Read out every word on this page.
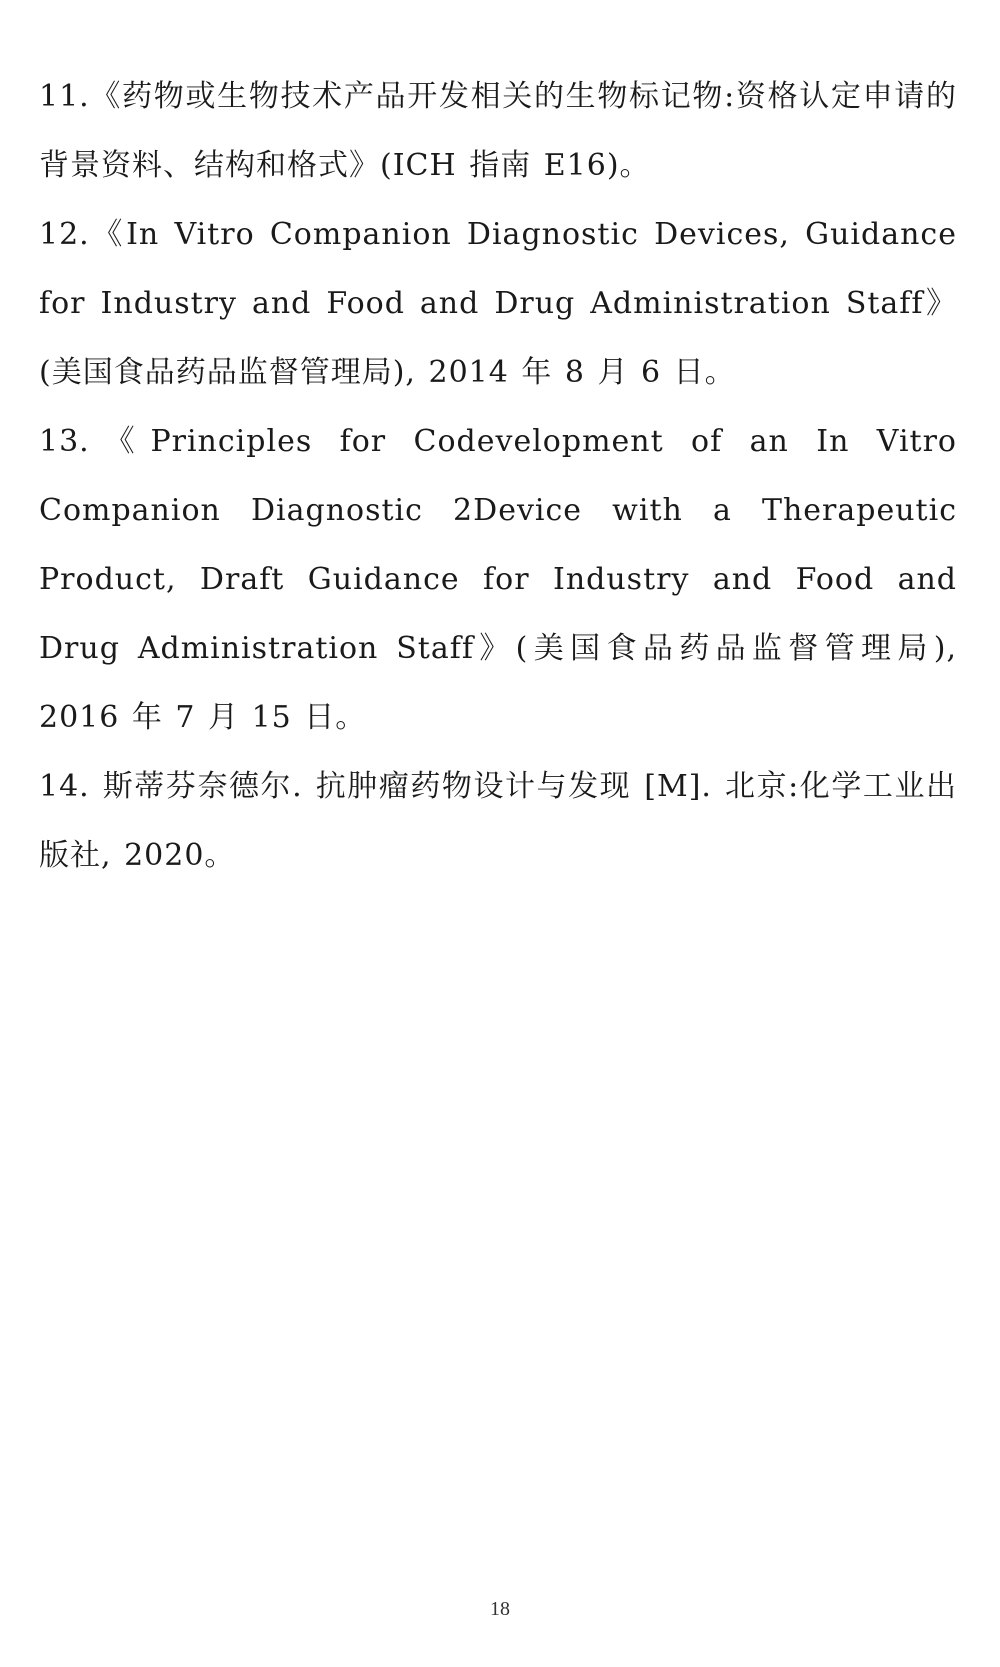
11.《药物或生物技术产品开发相关的生物标记物:资格认定申请的背景资料、结构和格式》(ICH 指南 E16)。

12.《In Vitro Companion Diagnostic Devices, Guidance for Industry and Food and Drug Administration Staff》(美国食品药品监督管理局), 2014 年 8 月 6 日。

13.《Principles for Codevelopment of an In Vitro Companion Diagnostic 2Device with a Therapeutic Product, Draft Guidance for Industry and Food and Drug Administration Staff》(美国食品药品监督管理局), 2016 年 7 月 15 日。

14. 斯蒂芬奈德尔. 抗肿瘤药物设计与发现 [M]. 北京:化学工业出版社, 2020。

18
